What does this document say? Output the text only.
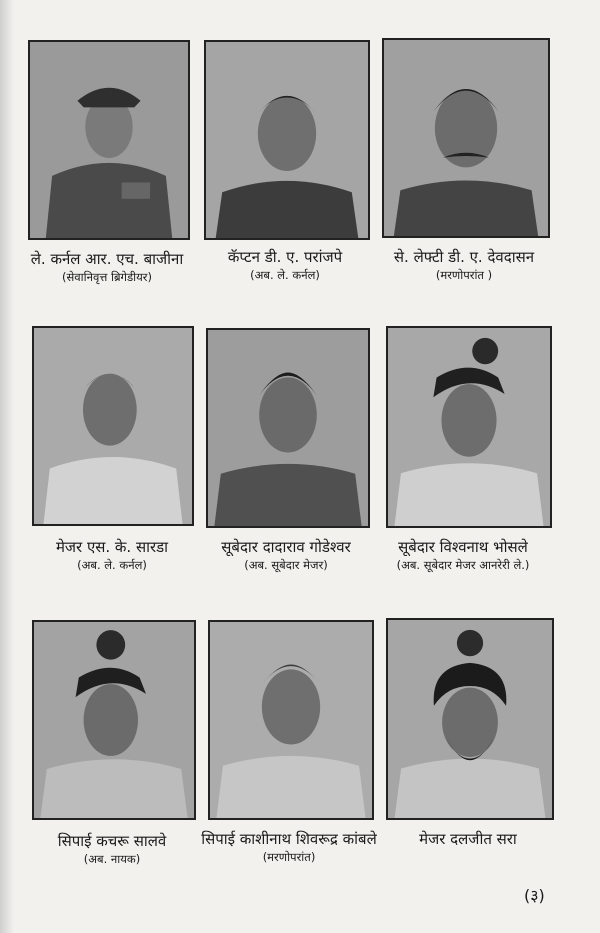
ले. कर्नल आर. एच. बाजीना
(सेवानिवृत्त ब्रिगेडीयर)
कॅप्टन डी. ए. परांजपे
(अब. ले. कर्नल)
से. लेफ्टी डी. ए. देवदासन
(मरणोपरांत )
मेजर एस. के. सारडा
(अब. ले. कर्नल)
सूबेदार दादाराव गोडेश्वर
(अब. सूबेदार मेजर)
सूबेदार विश्वनाथ भोसले
(अब. सूबेदार मेजर आनरेरी ले.)
सिपाई कचरू सालवे
(अब. नायक)
सिपाई काशीनाथ शिवरूद्र कांबले
(मरणोपरांत)
मेजर दलजीत सरा
(३)
